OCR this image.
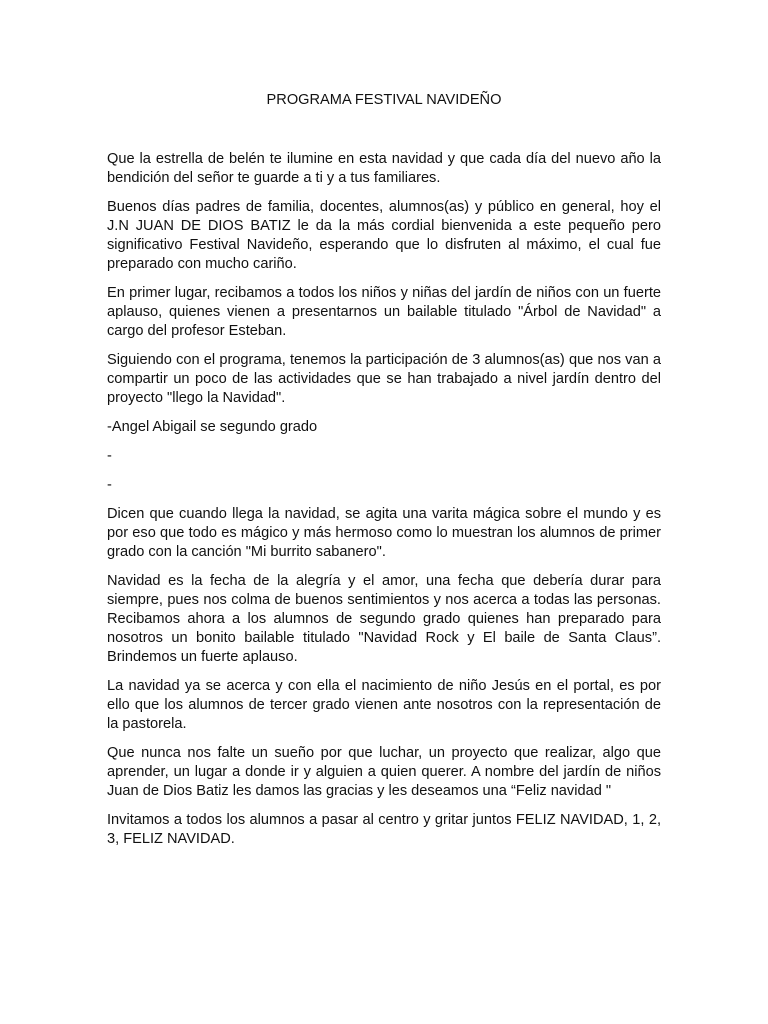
PROGRAMA FESTIVAL NAVIDEÑO

Que la estrella de belén te ilumine en esta navidad y que cada día del nuevo año la bendición del señor te guarde a ti y a tus familiares.

Buenos días padres de familia, docentes, alumnos(as) y público en general, hoy el J.N JUAN DE DIOS BATIZ le da la más cordial bienvenida a este pequeño pero significativo Festival Navideño, esperando que lo disfruten al máximo, el cual fue preparado con mucho cariño.

En primer lugar, recibamos a todos los niños y niñas del jardín de niños con un fuerte aplauso, quienes vienen a presentarnos un bailable titulado "Árbol de Navidad" a cargo del profesor Esteban.

Siguiendo con el programa, tenemos la participación de 3 alumnos(as) que nos van a compartir un poco de las actividades que se han trabajado a nivel jardín dentro del proyecto "llego la Navidad".

-Angel Abigail se segundo grado

-

-

Dicen que cuando llega la navidad, se agita una varita mágica sobre el mundo y es por eso que todo es mágico y más hermoso como lo muestran los alumnos de primer grado con la canción "Mi burrito sabanero".

Navidad es la fecha de la alegría y el amor, una fecha que debería durar para siempre, pues nos colma de buenos sentimientos y nos acerca a todas las personas. Recibamos ahora a los alumnos de segundo grado quienes han preparado para nosotros un bonito bailable titulado "Navidad Rock y El baile de Santa Claus”. Brindemos un fuerte aplauso.

La navidad ya se acerca y con ella el nacimiento de niño Jesús en el portal, es por ello que los alumnos de tercer grado vienen ante nosotros con la representación de la pastorela.

Que nunca nos falte un sueño por que luchar, un proyecto que realizar, algo que aprender, un lugar a donde ir y alguien a quien querer. A nombre del jardín de niños Juan de Dios Batiz les damos las gracias y les deseamos una “Feliz navidad "

Invitamos a todos los alumnos a pasar al centro y gritar juntos FELIZ NAVIDAD, 1, 2, 3, FELIZ NAVIDAD.
